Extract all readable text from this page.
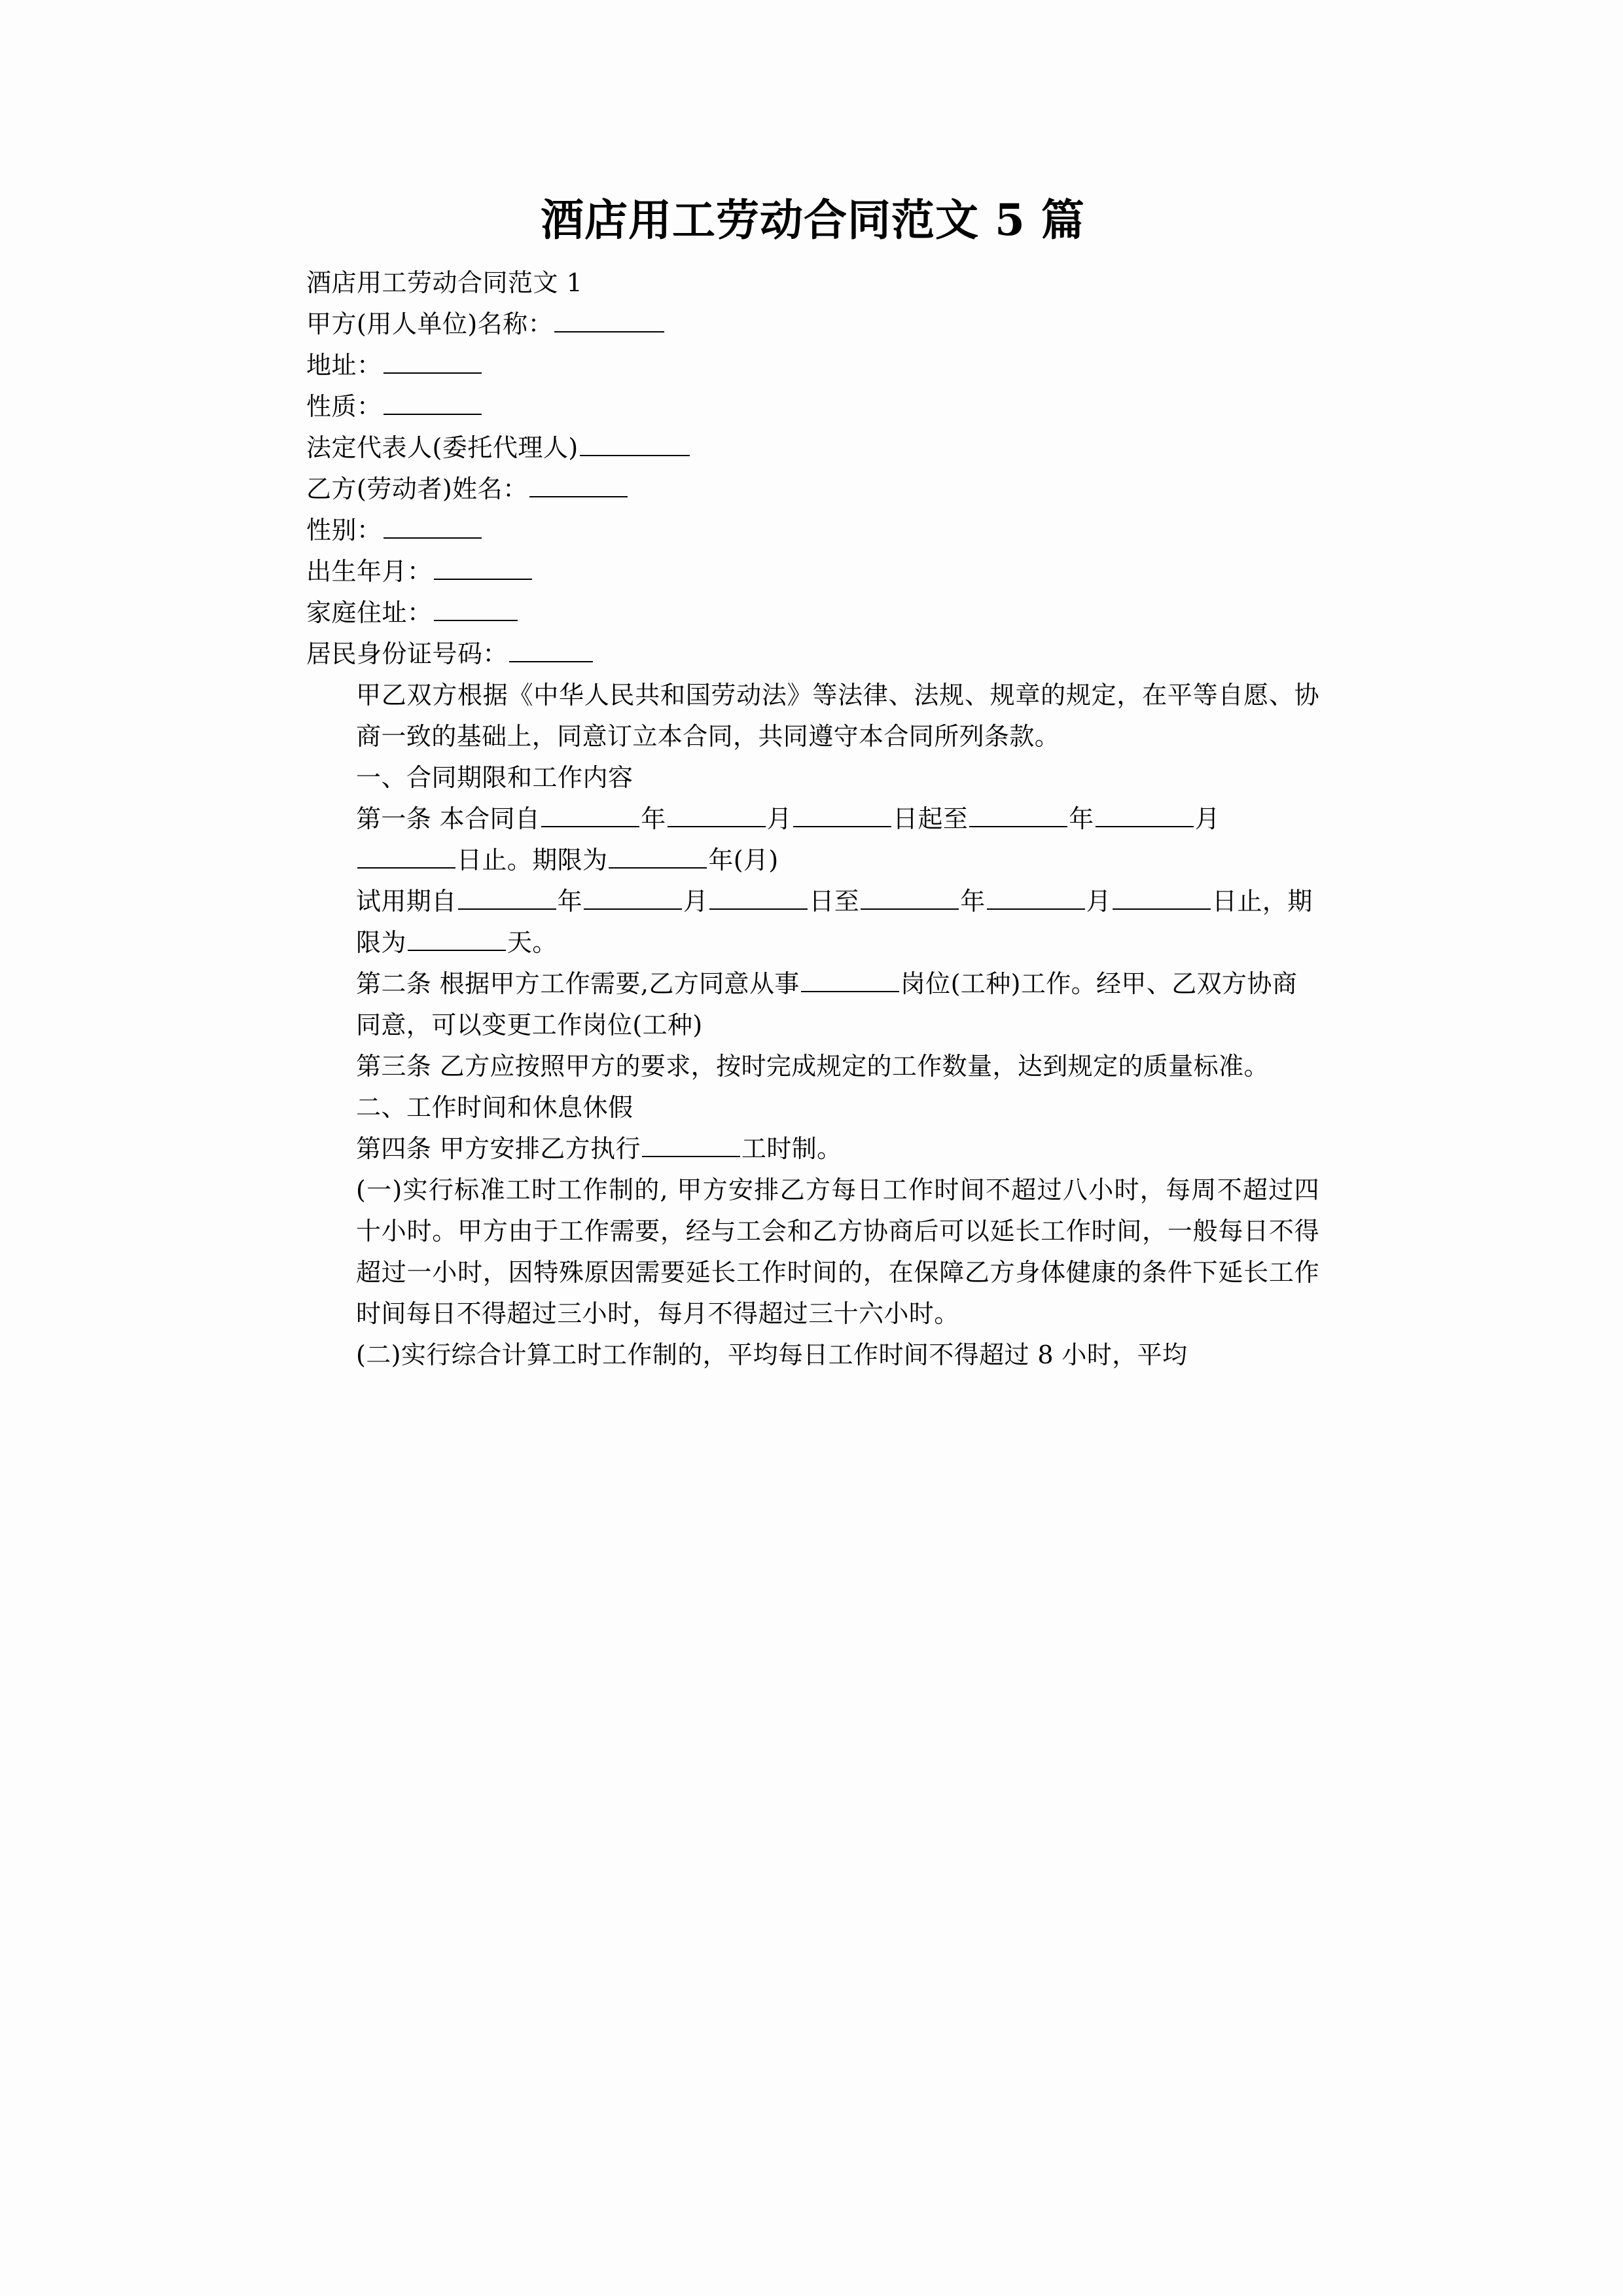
酒店用工劳动合同范文 5 篇

酒店用工劳动合同范文 1

甲方(用人单位)名称：

地址：

性质：

法定代表人(委托代理人)

乙方(劳动者)姓名：

性别：

出生年月：

家庭住址：

居民身份证号码：

甲乙双方根据《中华人民共和国劳动法》等法律、法规、规章的规定，在平等自愿、协商一致的基础上，同意订立本合同，共同遵守本合同所列条款。

一、合同期限和工作内容

第一条 本合同自	年	月	日起至	年	月日止。期限为	年(月)

试用期自	年	月	日至	年	月	日止，期限为	天。

第二条 根据甲方工作需要,乙方同意从事	岗位(工种)工作。经甲、乙双方协商同意，可以变更工作岗位(工种)

第三条 乙方应按照甲方的要求，按时完成规定的工作数量，达到规定的质量标准。

二、工作时间和休息休假

第四条 甲方安排乙方执行	工时制。

(一)实行标准工时工作制的, 甲方安排乙方每日工作时间不超过八小时，每周不超过四十小时。甲方由于工作需要，经与工会和乙方协商后可以延长工作时间，一般每日不得超过一小时，因特殊原因需要延长工作时间的，在保障乙方身体健康的条件下延长工作时间每日不得超过三小时，每月不得超过三十六小时。

(二)实行综合计算工时工作制的，平均每日工作时间不得超过 8 小时，平均
